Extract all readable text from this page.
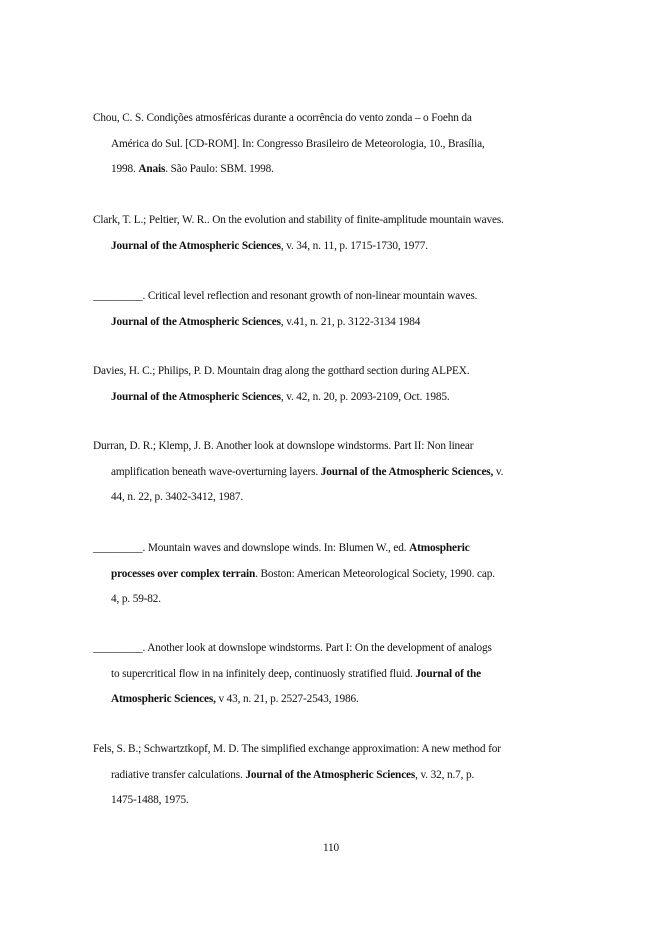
Chou, C. S. Condições atmosféricas durante a ocorrência do vento zonda – o Foehn da
América do Sul. [CD-ROM]. In: Congresso Brasileiro de Meteorologia, 10., Brasília,
1998. Anais. São Paulo: SBM. 1998.
Clark, T. L.; Peltier, W. R.. On the evolution and stability of finite-amplitude mountain waves.
Journal of the Atmospheric Sciences, v. 34, n. 11, p. 1715-1730, 1977.
_________. Critical level reflection and resonant growth of non-linear mountain waves.
Journal of the Atmospheric Sciences, v.41, n. 21, p. 3122-3134 1984
Davies, H. C.; Philips, P. D. Mountain drag along the gotthard section during ALPEX.
Journal of the Atmospheric Sciences, v. 42, n. 20, p. 2093-2109, Oct. 1985.
Durran, D. R.; Klemp, J. B. Another look at downslope windstorms. Part II: Non linear
amplification beneath wave-overturning layers. Journal of the Atmospheric Sciences, v.
44, n. 22, p. 3402-3412, 1987.
_________. Mountain waves and downslope winds. In: Blumen W., ed. Atmospheric
processes over complex terrain. Boston: American Meteorological Society, 1990. cap.
4, p. 59-82.
_________. Another look at downslope windstorms. Part I: On the development of analogs
to supercritical flow in na infinitely deep, continuosly stratified fluid. Journal of the
Atmospheric Sciences, v 43, n. 21, p. 2527-2543, 1986.
Fels, S. B.; Schwartztkopf, M. D. The simplified exchange approximation: A new method for
radiative transfer calculations. Journal of the Atmospheric Sciences, v. 32, n.7, p.
1475-1488, 1975.
110
